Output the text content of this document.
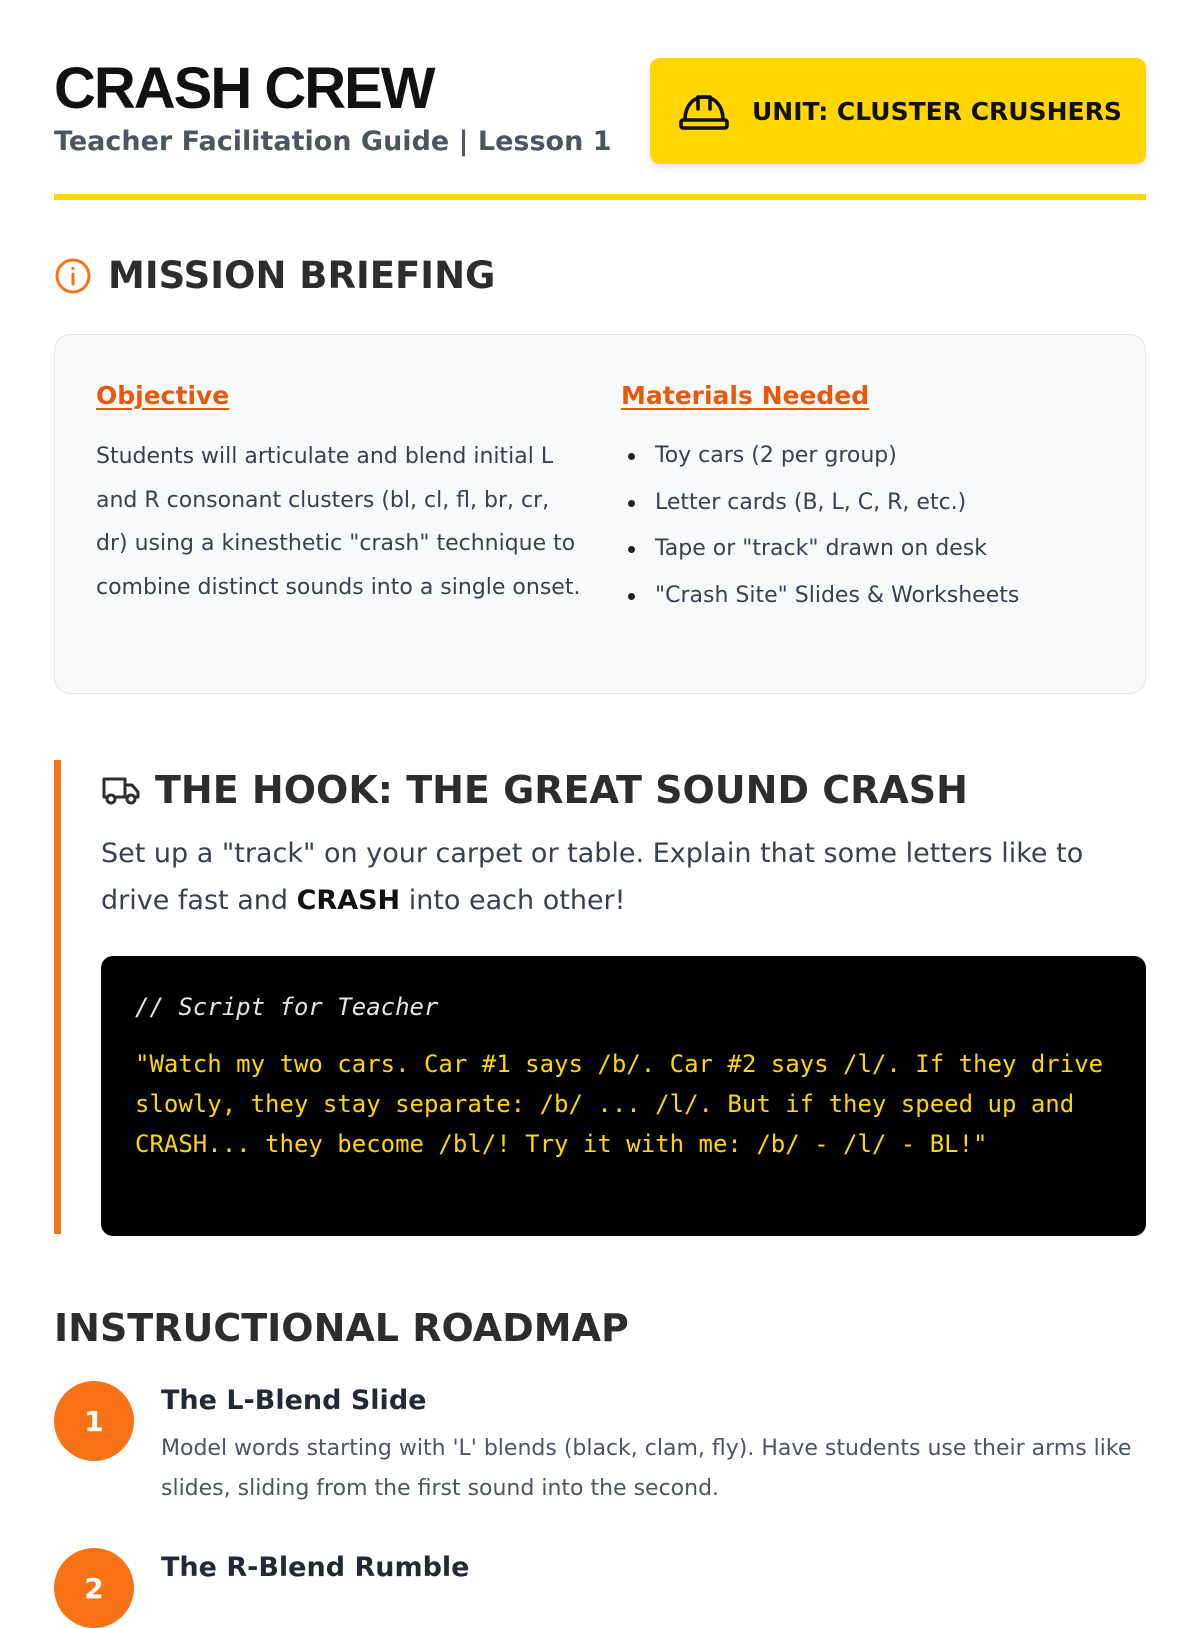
CRASH CREW
Teacher Facilitation Guide | Lesson 1
UNIT: CLUSTER CRUSHERS
MISSION BRIEFING
Objective

Students will articulate and blend initial L and R consonant clusters (bl, cl, fl, br, cr, dr) using a kinesthetic "crash" technique to combine distinct sounds into a single onset.

Materials Needed
Toy cars (2 per group)
Letter cards (B, L, C, R, etc.)
Tape or "track" drawn on desk
"Crash Site" Slides & Worksheets
THE HOOK: THE GREAT SOUND CRASH

Set up a "track" on your carpet or table. Explain that some letters like to drive fast and CRASH into each other!

// Script for Teacher
"Watch my two cars. Car #1 says /b/. Car #2 says /l/. If they drive slowly, they stay separate: /b/ ... /l/. But if they speed up and CRASH... they become /bl/! Try it with me: /b/ - /l/ - BL!"
INSTRUCTIONAL ROADMAP
1
The L-Blend Slide

Model words starting with 'L' blends (black, clam, fly). Have students use their arms like slides, sliding from the first sound into the second.

2
The R-Blend Rumble
